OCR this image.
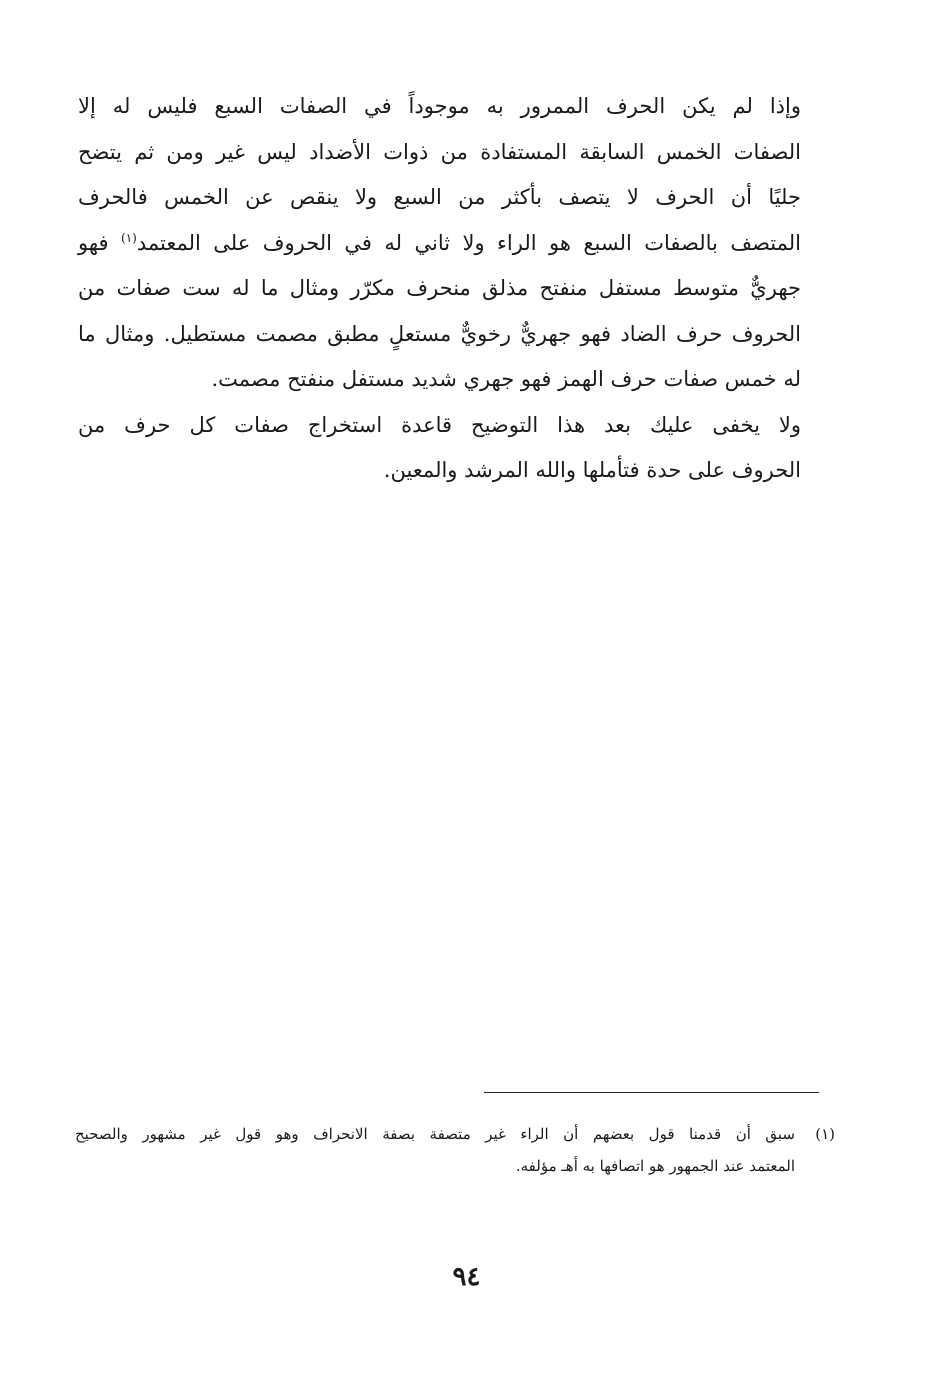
وإذا لم يكن الحرف الممرور به موجوداً في الصفات السبع فليس له إلا
الصفات الخمس السابقة المستفادة من ذوات الأضداد ليس غير ومن ثم يتضح
جليًا أن الحرف لا يتصف بأكثر من السبع ولا ينقص عن الخمس فالحرف
المتصف بالصفات السبع هو الراء ولا ثاني له في الحروف على المعتمد$^{(١)}$ فهو
جهريٌّ متوسط مستفل منفتح مذلق منحرف مكرّر ومثال ما له ست صفات من
الحروف حرف الضاد فهو جهريٌّ رخويٌّ مستعلٍ مطبق مصمت مستطيل. ومثال ما
له خمس صفات حرف الهمز فهو جهري شديد مستفل منفتح مصمت.

ولا يخفى عليك بعد هذا التوضيح قاعدة استخراج صفات كل حرف من
الحروف على حدة فتأملها والله المرشد والمعين.

(١)
سبق أن قدمنا قول بعضهم أن الراء غير متصفة بصفة الانحراف وهو قول غير مشهور والصحيح
المعتمد عند الجمهور هو اتصافها به أهـ مؤلفه.
٩٤
